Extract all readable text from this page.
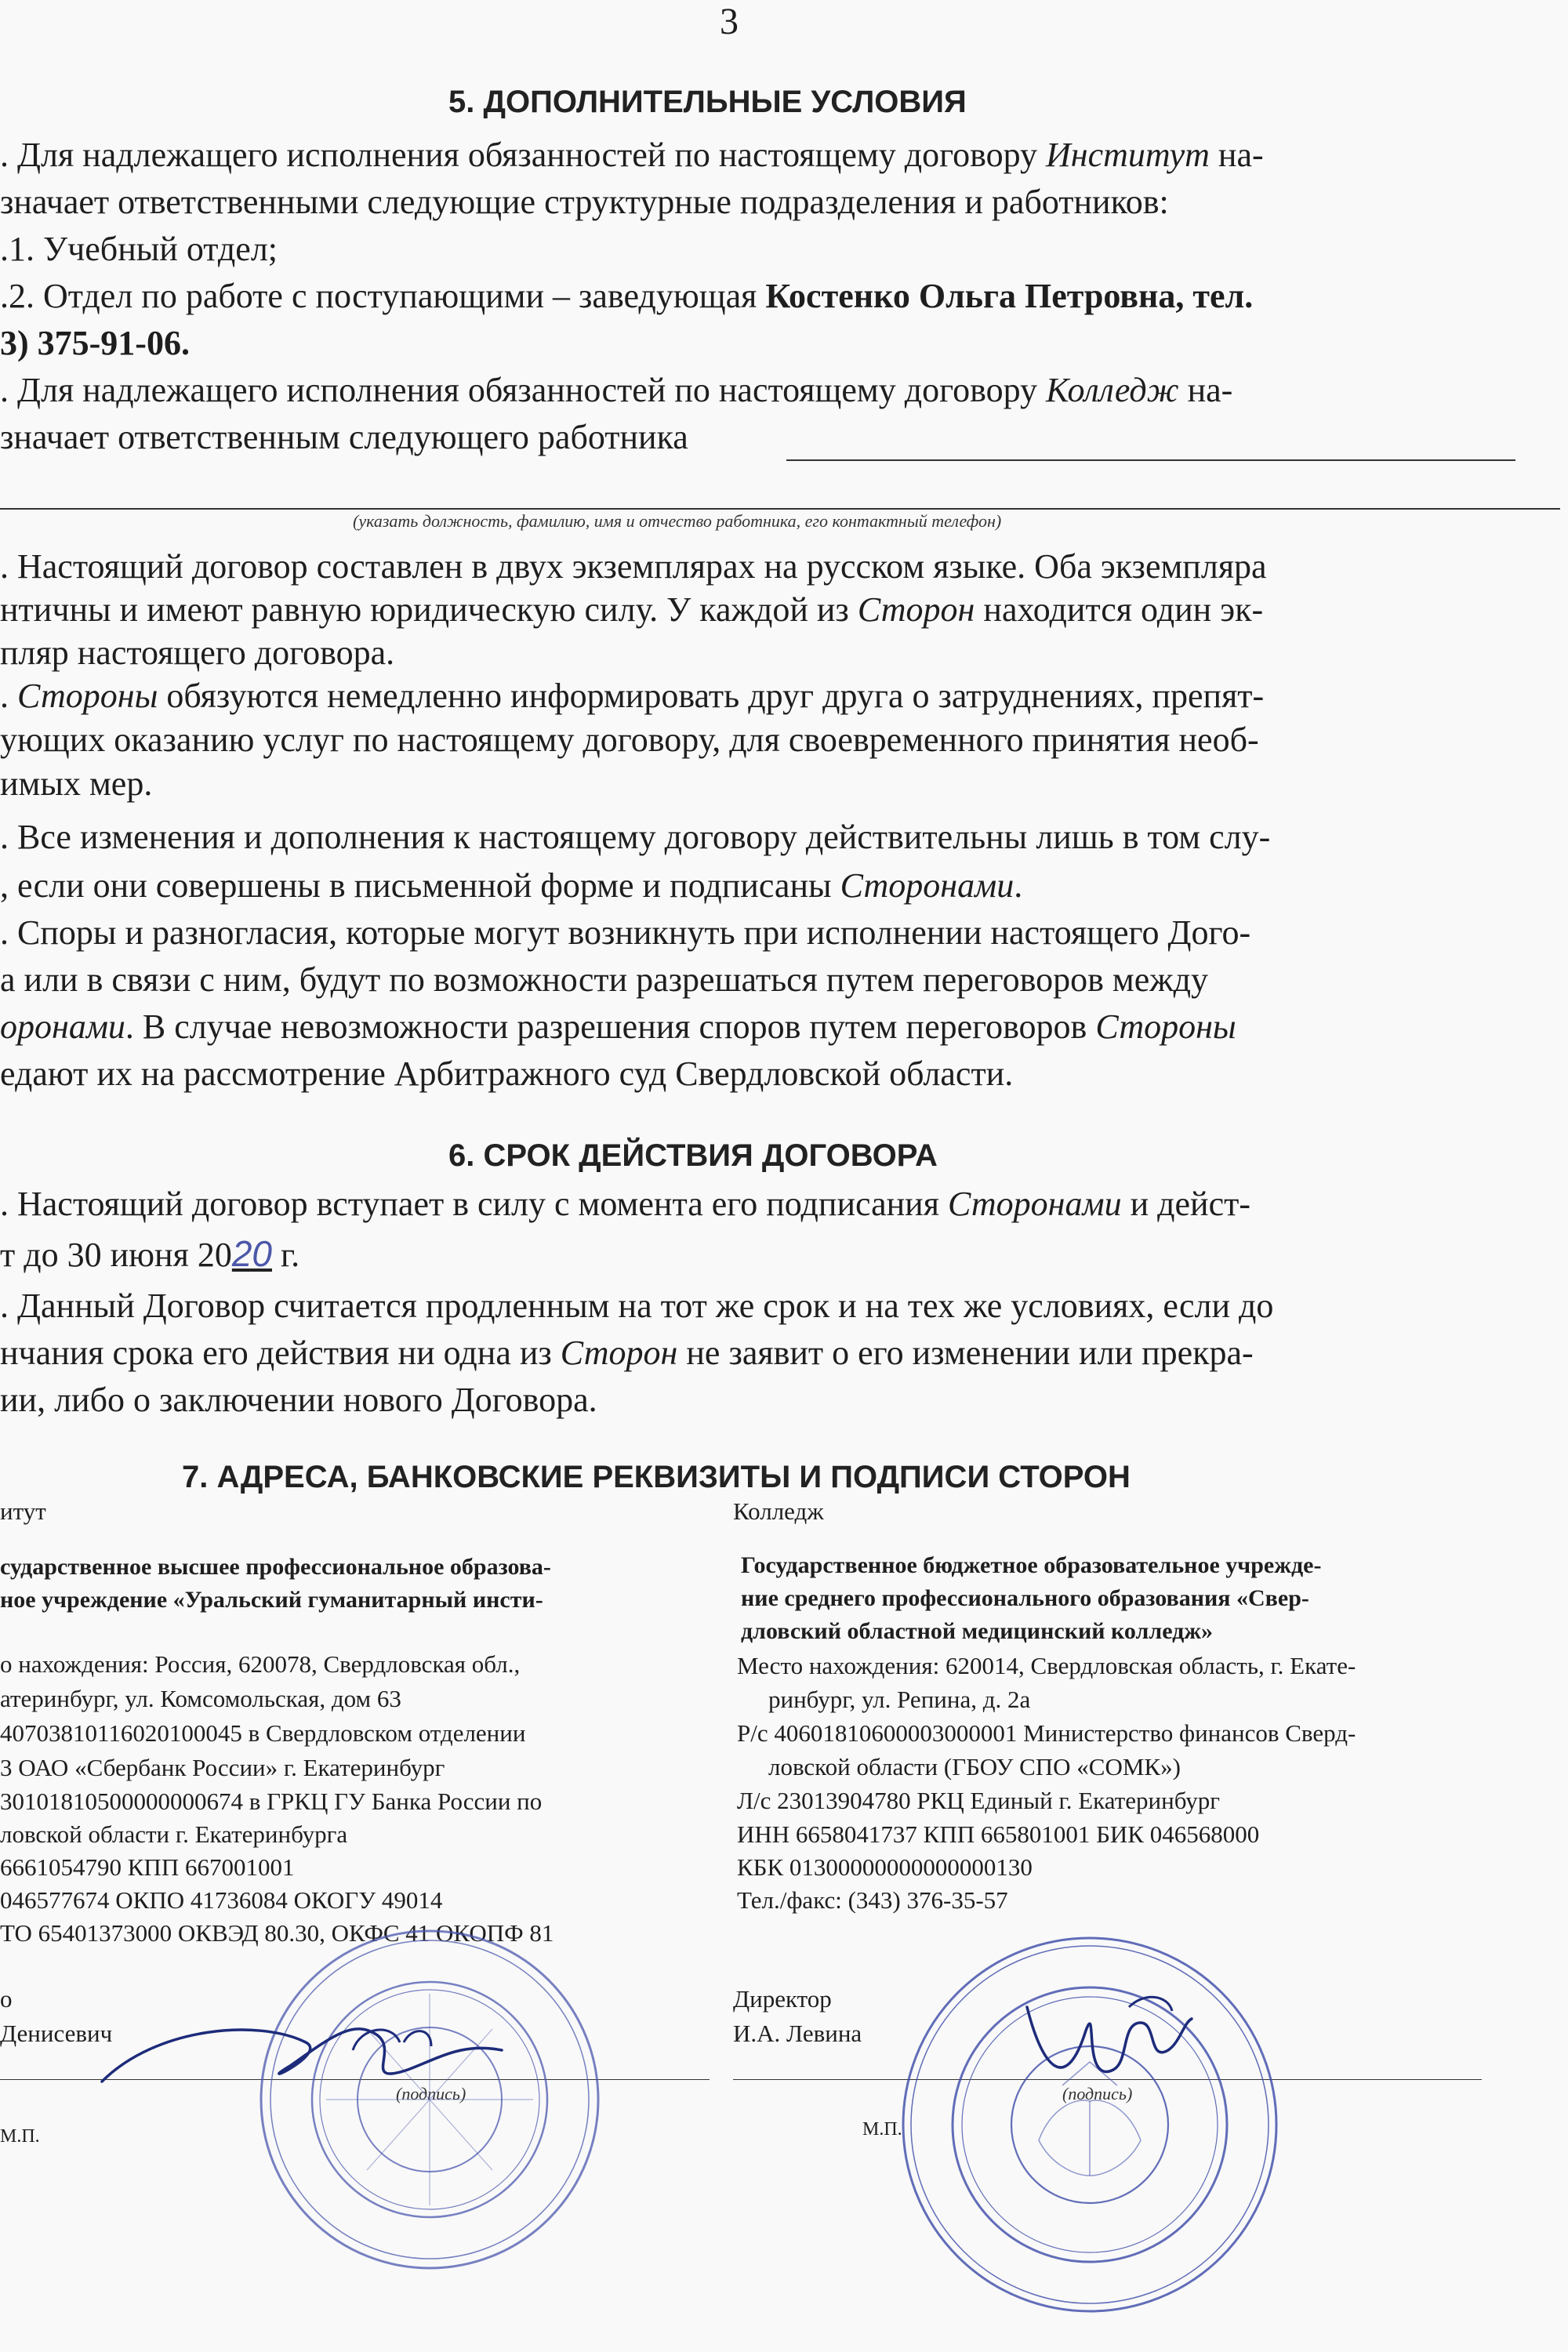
3
5. ДОПОЛНИТЕЛЬНЫЕ УСЛОВИЯ
. Для надлежащего исполнения обязанностей по настоящему договору Институт на-
значает ответственными следующие структурные подразделения и работников:
.1. Учебный отдел;
.2. Отдел по работе с поступающими – заведующая Костенко Ольга Петровна, тел.
3) 375-91-06.
. Для надлежащего исполнения обязанностей по настоящему договору Колледж на-
значает ответственным следующего работника
(указать должность, фамилию, имя и отчество работника, его контактный телефон)
. Настоящий договор составлен в двух экземплярах на русском языке. Оба экземпляра
нтичны и имеют равную юридическую силу. У каждой из Сторон находится один эк-
пляр настоящего договора.
. Стороны обязуются немедленно информировать друг друга о затруднениях, препят-
ующих оказанию услуг по настоящему договору, для своевременного принятия необ-
имых мер.
. Все изменения и дополнения к настоящему договору действительны лишь в том слу-
, если они совершены в письменной форме и подписаны Сторонами.
. Споры и разногласия, которые могут возникнуть при исполнении настоящего Дого-
а или в связи с ним, будут по возможности разрешаться путем переговоров между
оронами. В случае невозможности разрешения споров путем переговоров Стороны
едают их на рассмотрение Арбитражного суд Свердловской области.
6. СРОК ДЕЙСТВИЯ ДОГОВОРА
. Настоящий договор вступает в силу с момента его подписания Сторонами и дейст-
т до 30 июня 2020 г.
. Данный Договор считается продленным на тот же срок и на тех же условиях, если до
нчания срока его действия ни одна из Сторон не заявит о его изменении или прекра-
ии, либо о заключении нового Договора.
7. АДРЕСА, БАНКОВСКИЕ РЕКВИЗИТЫ И ПОДПИСИ СТОРОН
итут
сударственное высшее профессиональное образова-
ное учреждение «Уральский гуманитарный инсти-
о нахождения: Россия, 620078, Свердловская обл.,
атеринбург, ул. Комсомольская, дом 63
40703810116020100045 в Свердловском отделении
3 ОАО «Сбербанк России» г. Екатеринбург
30101810500000000674 в ГРКЦ ГУ Банка России по
ловской области г. Екатеринбурга
6661054790 КПП 667001001
046577674 ОКПО 41736084 ОКОГУ 49014
ТО 65401373000 ОКВЭД 80.30, ОКФС 41 ОКОПФ 81
о
Денисевич
(подпись)
М.П.
Колледж
Государственное бюджетное образовательное учрежде-
ние среднего профессионального образования «Свер-
дловский областной медицинский колледж»
Место нахождения: 620014, Свердловская область, г. Екате-
ринбург, ул. Репина, д. 2а
Р/с 40601810600003000001 Министерство финансов Сверд-
ловской области (ГБОУ СПО «СОМК»)
Л/с 23013904780 РКЦ Единый г. Екатеринбург
ИНН 6658041737 КПП 665801001 БИК 046568000
КБК 01300000000000000130
Тел./факс: (343) 376-35-57
Директор
И.А. Левина
(подпись)
М.П.
